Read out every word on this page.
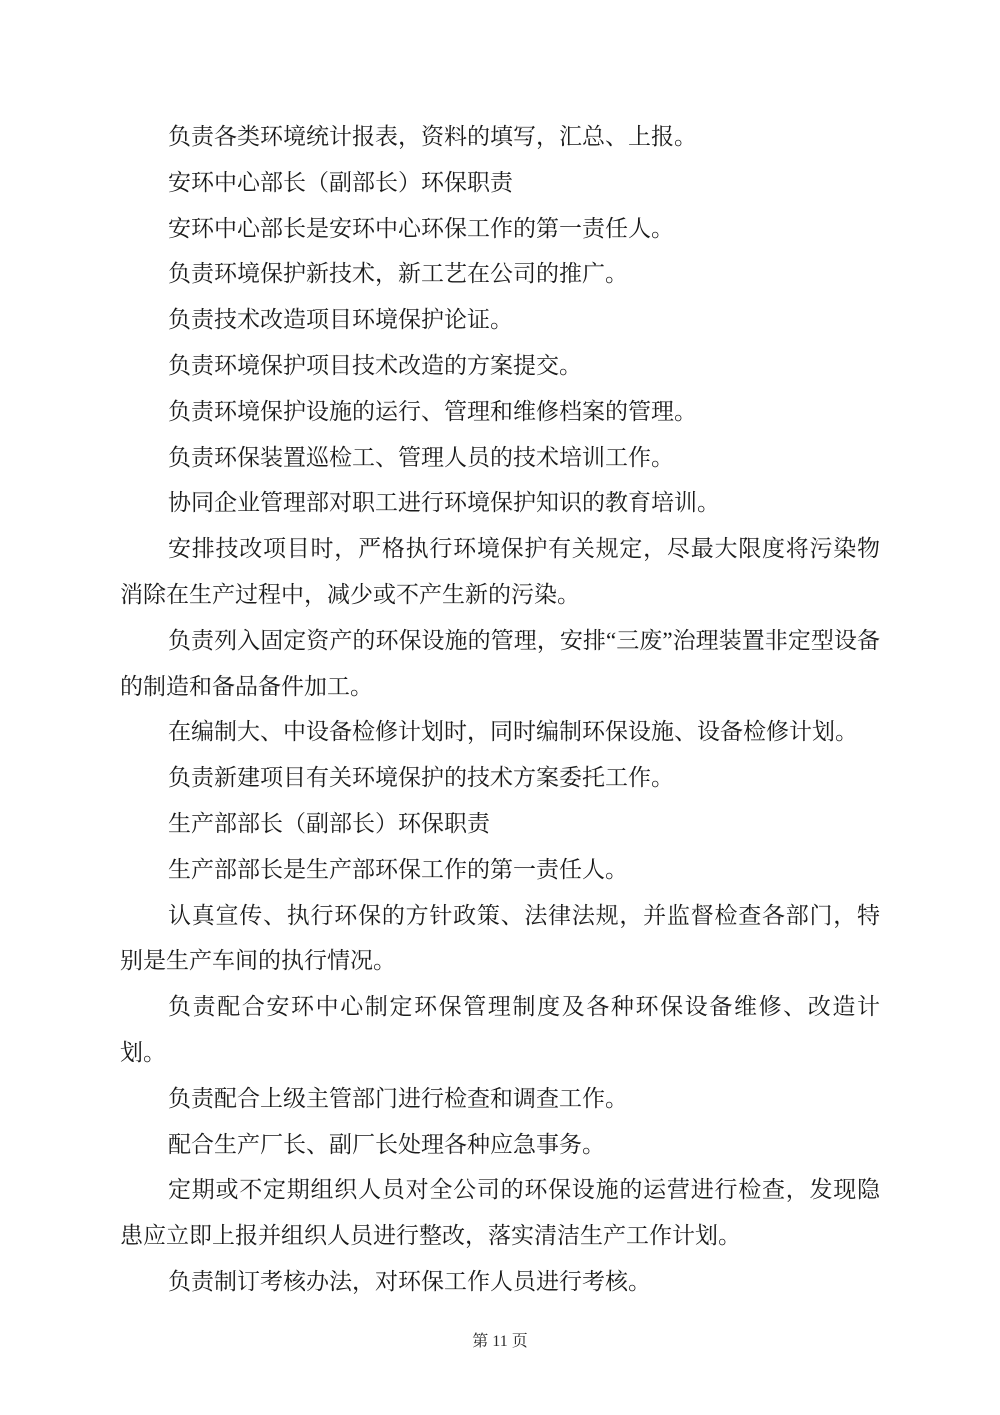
负责各类环境统计报表，资料的填写，汇总、上报。

安环中心部长（副部长）环保职责

安环中心部长是安环中心环保工作的第一责任人。

负责环境保护新技术，新工艺在公司的推广。

负责技术改造项目环境保护论证。

负责环境保护项目技术改造的方案提交。

负责环境保护设施的运行、管理和维修档案的管理。

负责环保装置巡检工、管理人员的技术培训工作。

协同企业管理部对职工进行环境保护知识的教育培训。

安排技改项目时，严格执行环境保护有关规定，尽最大限度将污染物消除在生产过程中，减少或不产生新的污染。

负责列入固定资产的环保设施的管理，安排“三废”治理装置非定型设备的制造和备品备件加工。

在编制大、中设备检修计划时，同时编制环保设施、设备检修计划。

负责新建项目有关环境保护的技术方案委托工作。

生产部部长（副部长）环保职责

生产部部长是生产部环保工作的第一责任人。

认真宣传、执行环保的方针政策、法律法规，并监督检查各部门，特别是生产车间的执行情况。

负责配合安环中心制定环保管理制度及各种环保设备维修、改造计划。

负责配合上级主管部门进行检查和调查工作。

配合生产厂长、副厂长处理各种应急事务。

定期或不定期组织人员对全公司的环保设施的运营进行检查，发现隐患应立即上报并组织人员进行整改，落实清洁生产工作计划。

负责制订考核办法，对环保工作人员进行考核。

第 11 页
